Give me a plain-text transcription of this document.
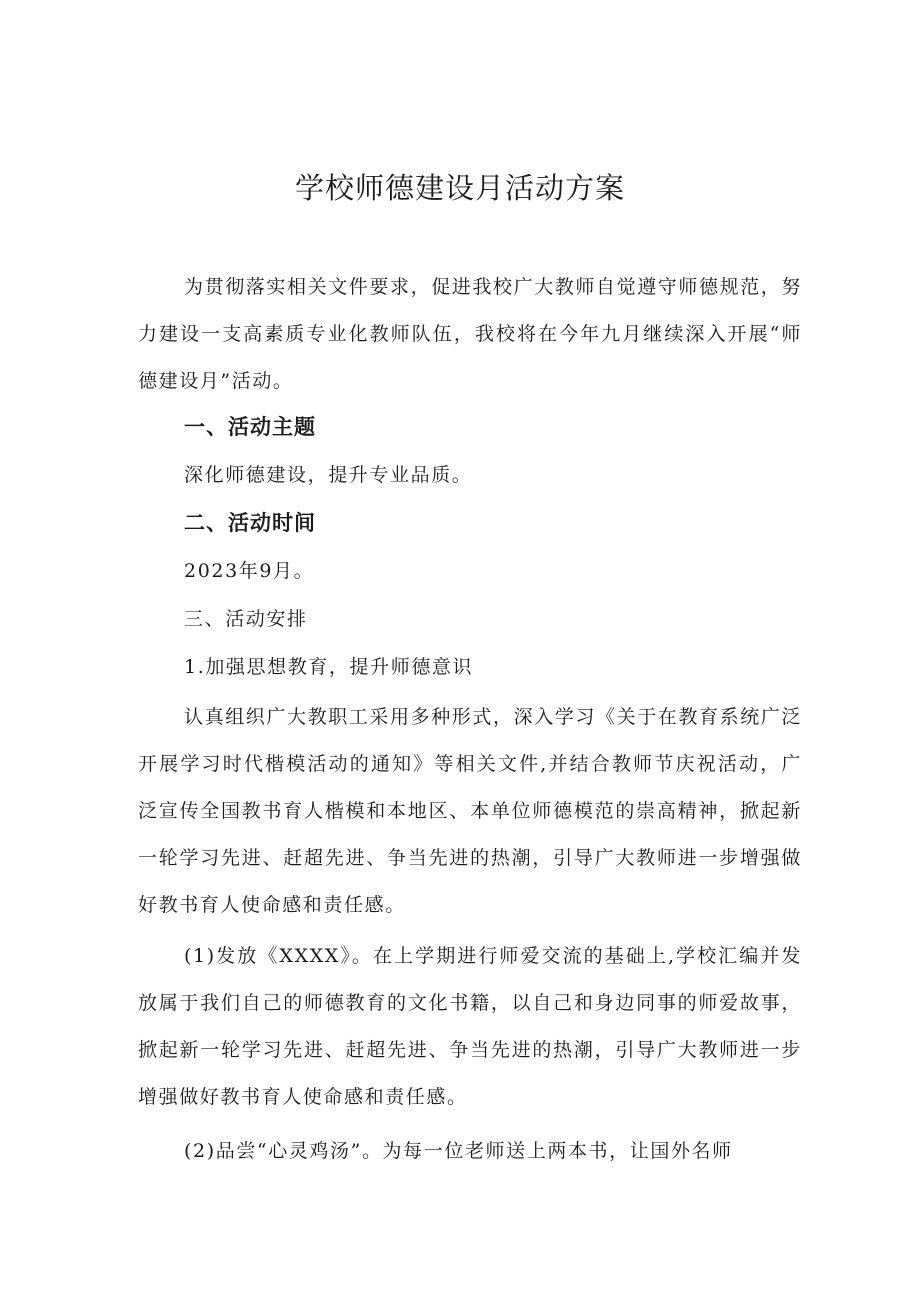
学校师德建设月活动方案

为贯彻落实相关文件要求，促进我校广大教师自觉遵守师德规范，努力建设一支高素质专业化教师队伍，我校将在今年九月继续深入开展“师德建设月”活动。

一、活动主题

深化师德建设，提升专业品质。

二、活动时间

2023年9月。

三、活动安排

1.加强思想教育，提升师德意识

认真组织广大教职工采用多种形式，深入学习《关于在教育系统广泛开展学习时代楷模活动的通知》等相关文件,并结合教师节庆祝活动，广泛宣传全国教书育人楷模和本地区、本单位师德模范的崇高精神，掀起新一轮学习先进、赶超先进、争当先进的热潮，引导广大教师进一步增强做好教书育人使命感和责任感。

(1)发放《XXXX》。在上学期进行师爱交流的基础上,学校汇编并发放属于我们自己的师德教育的文化书籍，以自己和身边同事的师爱故事，掀起新一轮学习先进、赶超先进、争当先进的热潮，引导广大教师进一步增强做好教书育人使命感和责任感。

(2)品尝“心灵鸡汤”。为每一位老师送上两本书，让国外名师
